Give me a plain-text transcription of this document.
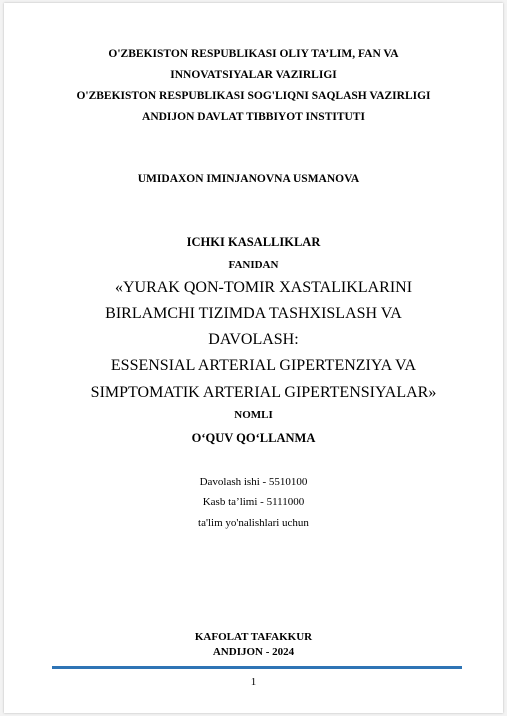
O'ZBEKISTON RESPUBLIKASI OLIY TA’LIM, FAN VA
INNOVATSIYALAR VAZIRLIGI
O'ZBEKISTON RESPUBLIKASI SOG'LIQNI SAQLASH VAZIRLIGI
ANDIJON DAVLAT TIBBIYOT INSTITUTI
UMIDAXON IMINJANOVNA USMANOVA
ICHKI KASALLIKLAR
FANIDAN
«YURAK QON-TOMIR XASTALIKLARINI
BIRLAMCHI TIZIMDA TASHXISLASH VA
DAVOLASH:
ESSENSIAL ARTERIAL GIPERTENZIYA VA
SIMPTOMATIK ARTERIAL GIPERTENSIYALAR»
NOMLI
O‘QUV QO‘LLANMA
Davolash ishi - 5510100
Kasb ta’limi - 5111000
ta'lim yo'nalishlari uchun
KAFOLAT TAFAKKUR
ANDIJON - 2024
1
